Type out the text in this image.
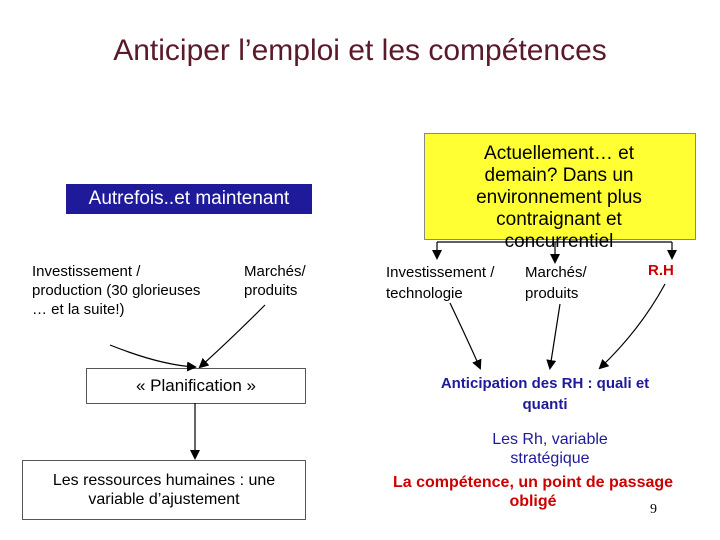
Anticiper l’emploi et les compétences
Autrefois..et maintenant
Investissement / production (30 glorieuses … et la suite!)
Marchés/ produits
« Planification »
Les ressources humaines : une variable d’ajustement
Actuellement… et
demain? Dans un
environnement plus
contraignant et
concurrentiel
Investissement / technologie
Marchés/ produits
R.H
Anticipation des RH : quali et quanti
Les Rh, variable stratégique
La compétence, un point de passage obligé	9
